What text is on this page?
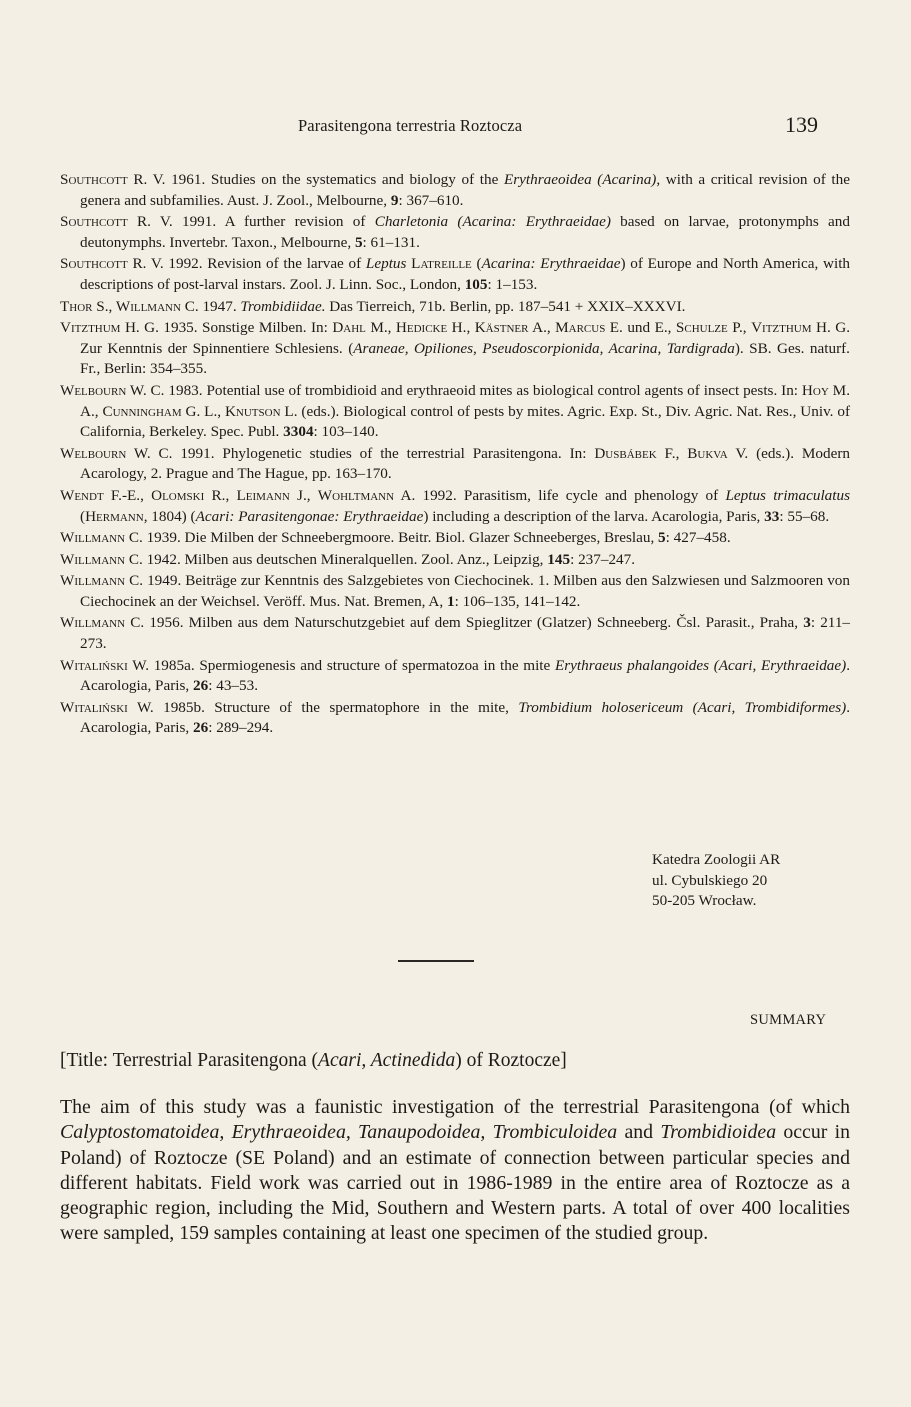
Parasitengona terrestria Roztocza	139
Southcott R. V. 1961. Studies on the systematics and biology of the Erythraeoidea (Acarina), with a critical revision of the genera and subfamilies. Aust. J. Zool., Melbourne, 9: 367–610.
Southcott R. V. 1991. A further revision of Charletonia (Acarina: Erythraeidae) based on larvae, protonymphs and deutonymphs. Invertebr. Taxon., Melbourne, 5: 61–131.
Southcott R. V. 1992. Revision of the larvae of Leptus Latreille (Acarina: Erythraeidae) of Europe and North America, with descriptions of post-larval instars. Zool. J. Linn. Soc., London, 105: 1–153.
Thor S., Willmann C. 1947. Trombidiidae. Das Tierreich, 71b. Berlin, pp. 187–541 + XXIX–XXXVI.
Vitzthum H. G. 1935. Sonstige Milben. In: Dahl M., Hedicke H., Kästner A., Marcus E. und E., Schulze P., Vitzthum H. G. Zur Kenntnis der Spinnentiere Schlesiens. (Araneae, Opiliones, Pseudoscorpionida, Acarina, Tardigrada). SB. Ges. naturf. Fr., Berlin: 354–355.
Welbourn W. C. 1983. Potential use of trombidioid and erythraeoid mites as biological control agents of insect pests. In: Hoy M. A., Cunningham G. L., Knutson L. (eds.). Biological control of pests by mites. Agric. Exp. St., Div. Agric. Nat. Res., Univ. of California, Berkeley. Spec. Publ. 3304: 103–140.
Welbourn W. C. 1991. Phylogenetic studies of the terrestrial Parasitengona. In: Dusbábek F., Bukva V. (eds.). Modern Acarology, 2. Prague and The Hague, pp. 163–170.
Wendt F.-E., Olomski R., Leimann J., Wohltmann A. 1992. Parasitism, life cycle and phenology of Leptus trimaculatus (Hermann, 1804) (Acari: Parasitengonae: Erythraeidae) including a description of the larva. Acarologia, Paris, 33: 55–68.
Willmann C. 1939. Die Milben der Schneebergmoore. Beitr. Biol. Glazer Schneeberges, Breslau, 5: 427–458.
Willmann C. 1942. Milben aus deutschen Mineralquellen. Zool. Anz., Leipzig, 145: 237–247.
Willmann C. 1949. Beiträge zur Kenntnis des Salzgebietes von Ciechocinek. 1. Milben aus den Salzwiesen und Salzmooren von Ciechocinek an der Weichsel. Veröff. Mus. Nat. Bremen, A, 1: 106–135, 141–142.
Willmann C. 1956. Milben aus dem Naturschutzgebiet auf dem Spieglitzer (Glatzer) Schneeberg. Čsl. Parasit., Praha, 3: 211–273.
Witaliński W. 1985a. Spermiogenesis and structure of spermatozoa in the mite Erythraeus phalangoides (Acari, Erythraeidae). Acarologia, Paris, 26: 43–53.
Witaliński W. 1985b. Structure of the spermatophore in the mite, Trombidium holosericeum (Acari, Trombidiformes). Acarologia, Paris, 26: 289–294.
Katedra Zoologii AR
ul. Cybulskiego 20
50-205 Wrocław.
SUMMARY
[Title: Terrestrial Parasitengona (Acari, Actinedida) of Roztocze]

The aim of this study was a faunistic investigation of the terrestrial Parasitengona (of which Calyptostomatoidea, Erythraeoidea, Tanaupodoidea, Trombiculoidea and Trombidioidea occur in Poland) of Roztocze (SE Poland) and an estimate of connection between particular species and different habitats. Field work was carried out in 1986-1989 in the entire area of Roztocze as a geographic region, including the Mid, Southern and Western parts. A total of over 400 localities were sampled, 159 samples containing at least one specimen of the studied group.
